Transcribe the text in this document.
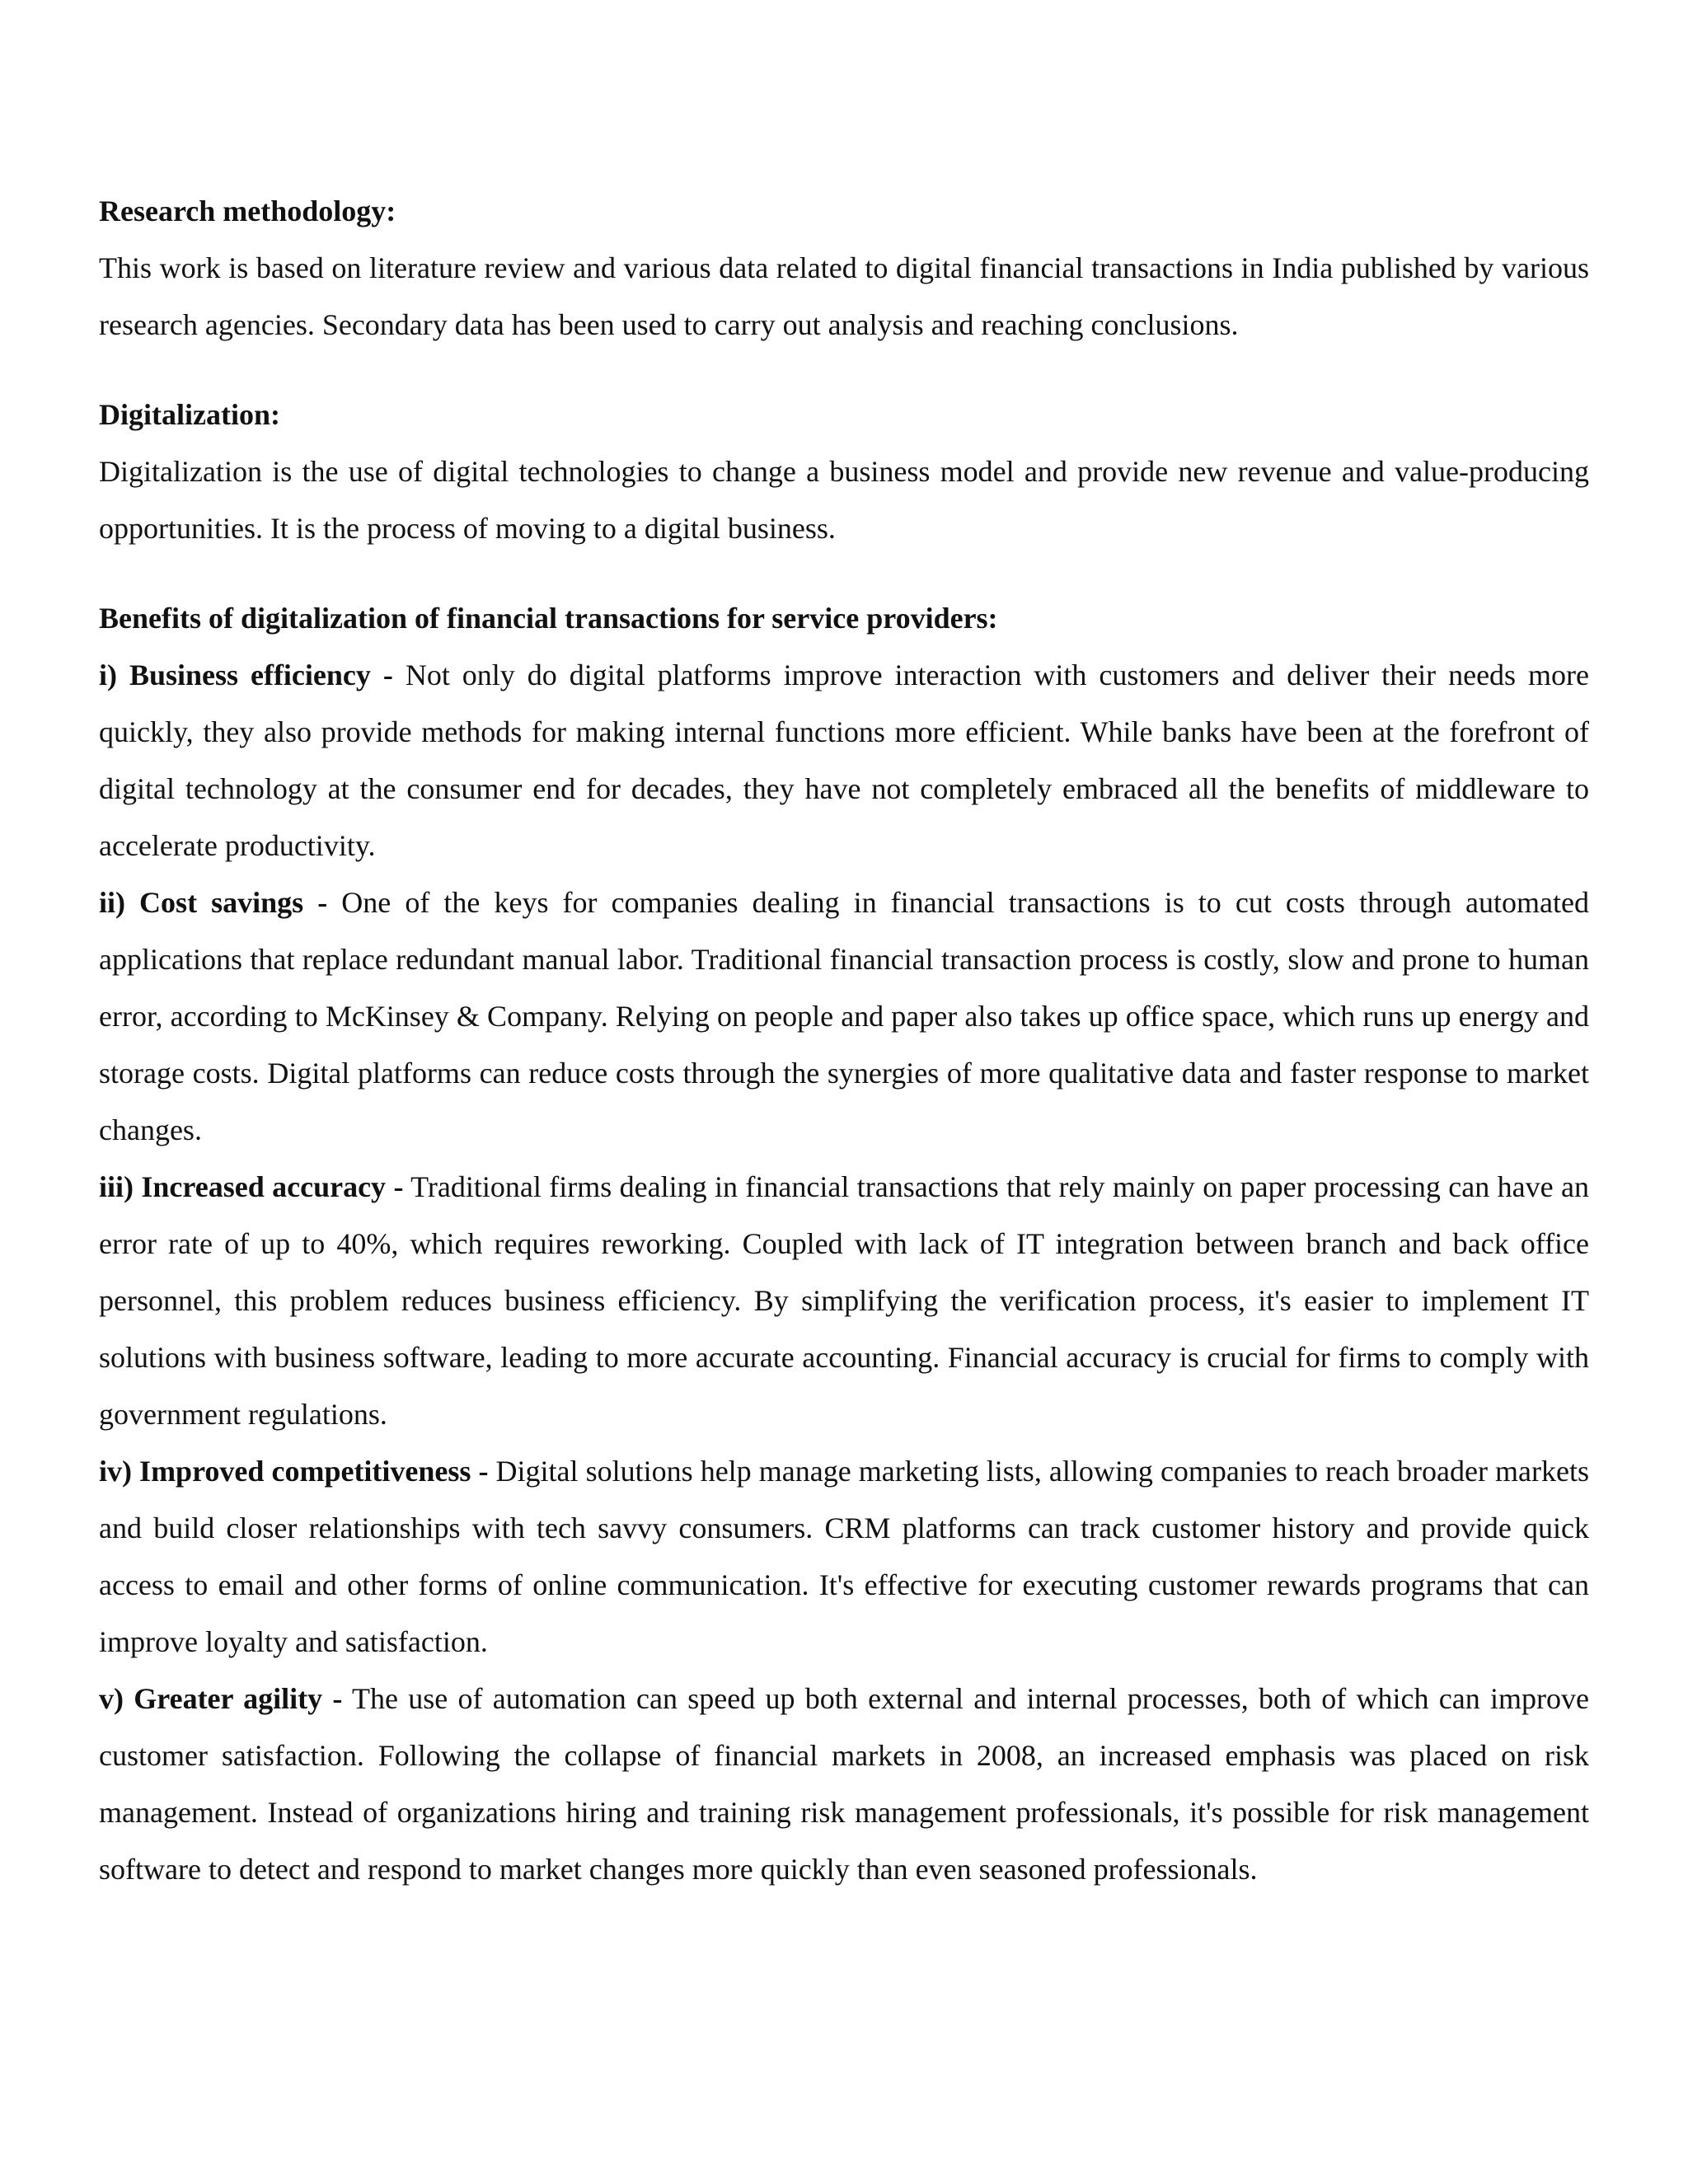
Research methodology:

This work is based on literature review and various data related to digital financial transactions in India published by various research agencies. Secondary data has been used to carry out analysis and reaching conclusions.

Digitalization:

Digitalization is the use of digital technologies to change a business model and provide new revenue and value-producing opportunities. It is the process of moving to a digital business.

Benefits of digitalization of financial transactions for service providers:

i) Business efficiency - Not only do digital platforms improve interaction with customers and deliver their needs more quickly, they also provide methods for making internal functions more efficient. While banks have been at the forefront of digital technology at the consumer end for decades, they have not completely embraced all the benefits of middleware to accelerate productivity.

ii) Cost savings - One of the keys for companies dealing in financial transactions is to cut costs through automated applications that replace redundant manual labor. Traditional financial transaction process is costly, slow and prone to human error, according to McKinsey & Company. Relying on people and paper also takes up office space, which runs up energy and storage costs. Digital platforms can reduce costs through the synergies of more qualitative data and faster response to market changes.

iii) Increased accuracy - Traditional firms dealing in financial transactions that rely mainly on paper processing can have an error rate of up to 40%, which requires reworking. Coupled with lack of IT integration between branch and back office personnel, this problem reduces business efficiency. By simplifying the verification process, it's easier to implement IT solutions with business software, leading to more accurate accounting. Financial accuracy is crucial for firms to comply with government regulations.

iv) Improved competitiveness - Digital solutions help manage marketing lists, allowing companies to reach broader markets and build closer relationships with tech savvy consumers. CRM platforms can track customer history and provide quick access to email and other forms of online communication. It's effective for executing customer rewards programs that can improve loyalty and satisfaction.

v) Greater agility - The use of automation can speed up both external and internal processes, both of which can improve customer satisfaction. Following the collapse of financial markets in 2008, an increased emphasis was placed on risk management. Instead of organizations hiring and training risk management professionals, it's possible for risk management software to detect and respond to market changes more quickly than even seasoned professionals.
